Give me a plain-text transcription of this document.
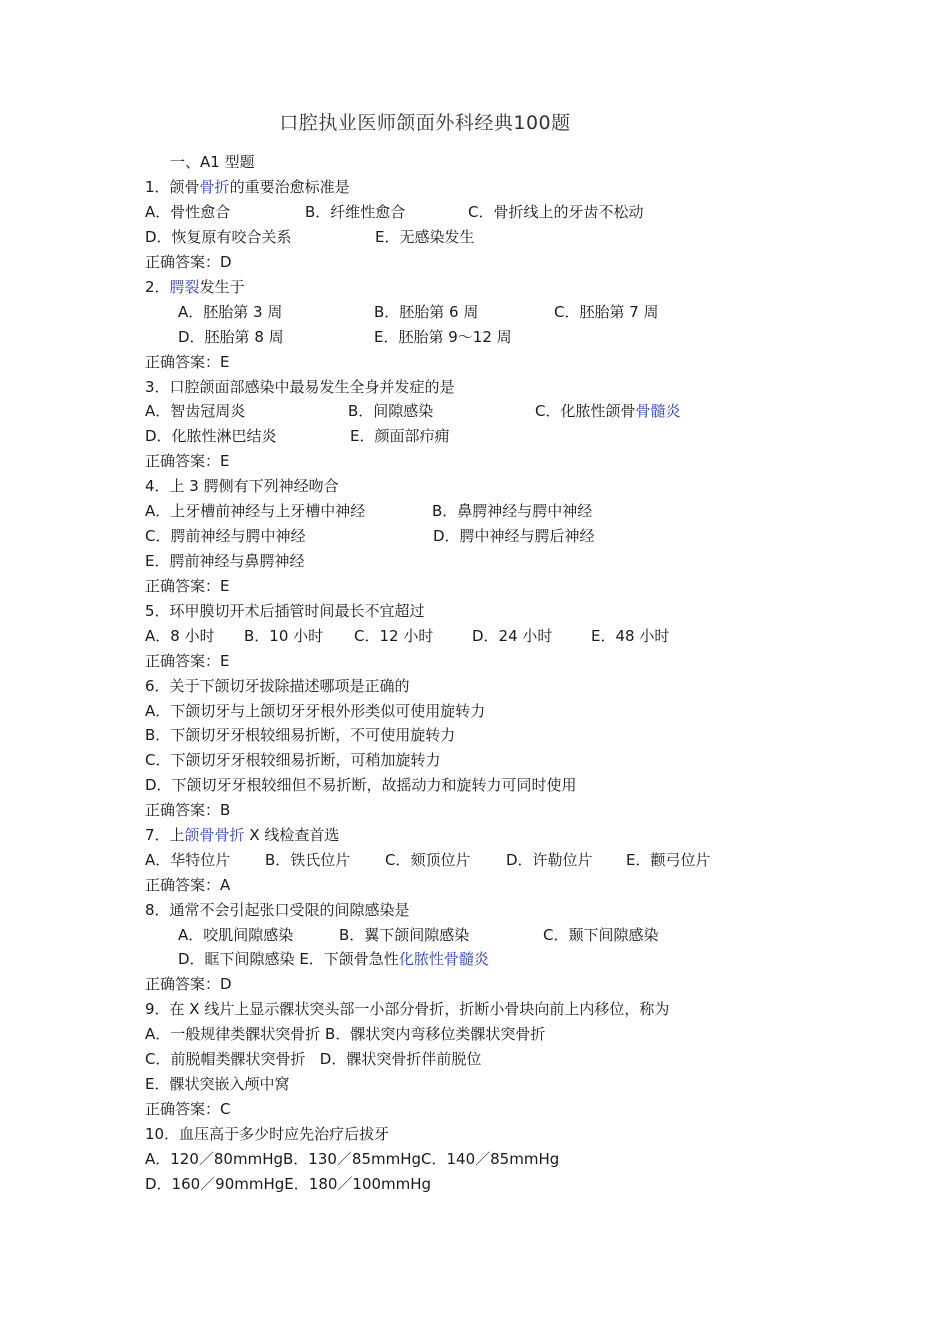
口腔执业医师颌面外科经典100题
一、A1 型题
1．颌骨骨折的重要治愈标准是
A．骨性愈合	B．纤维性愈合	C．骨折线上的牙齿不松动
D．恢复原有咬合关系	E．无感染发生
正确答案：D
2．腭裂发生于
A．胚胎第 3 周	B．胚胎第 6 周	C．胚胎第 7 周
D．胚胎第 8 周	E．胚胎第 9～12 周
正确答案：E
3．口腔颌面部感染中最易发生全身并发症的是
A．智齿冠周炎	B．间隙感染	C．化脓性颌骨骨髓炎
D．化脓性淋巴结炎	E．颜面部疖痈
正确答案：E
4．上 3 腭侧有下列神经吻合
A．上牙槽前神经与上牙槽中神经	B．鼻腭神经与腭中神经
C．腭前神经与腭中神经	D．腭中神经与腭后神经
E．腭前神经与鼻腭神经
正确答案：E
5．环甲膜切开术后插管时间最长不宜超过
A．8 小时 B．10 小时 C．12 小时	D．24 小时	E．48 小时
正确答案：E
6．关于下颌切牙拔除描述哪项是正确的
A．下颌切牙与上颌切牙牙根外形类似可使用旋转力
B．下颌切牙牙根较细易折断，不可使用旋转力
C．下颌切牙牙根较细易折断，可稍加旋转力
D．下颌切牙牙根较细但不易折断，故摇动力和旋转力可同时使用
正确答案：B
7．上颌骨骨折 X 线检查首选
A．华特位片 B．铁氏位片 C．颏顶位片 D．许勒位片 E．颧弓位片
正确答案：A
8．通常不会引起张口受限的间隙感染是
A．咬肌间隙感染	B．翼下颌间隙感染	C．颞下间隙感染
D．眶下间隙感染 E．下颌骨急性化脓性骨髓炎
正确答案：D
9．在 X 线片上显示髁状突头部一小部分骨折，折断小骨块向前上内移位，称为
A．一般规律类髁状突骨折 B．髁状突内弯移位类髁状突骨折
C．前脱帽类髁状突骨折   D．髁状突骨折伴前脱位
E．髁状突嵌入颅中窝
正确答案：C
10．血压高于多少时应先治疗后拔牙
A．120／80mmHgB．130／85mmHgC．140／85mmHg
D．160／90mmHgE．180／100mmHg
